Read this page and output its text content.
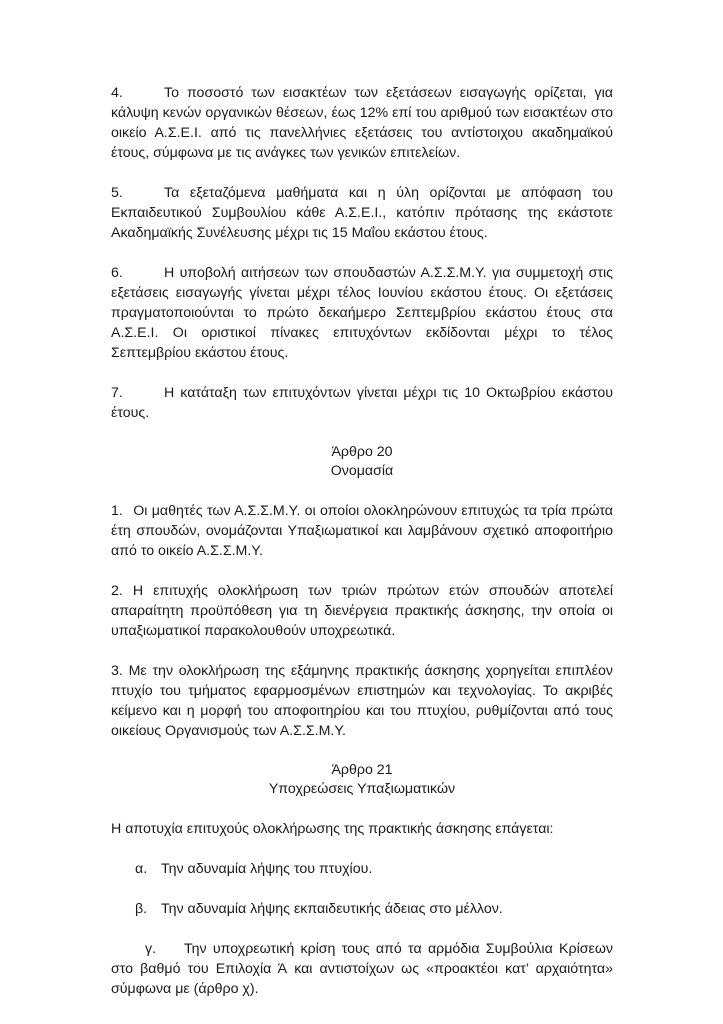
4.	Το ποσοστό των εισακτέων των εξετάσεων εισαγωγής ορίζεται, για κάλυψη κενών οργανικών θέσεων, έως 12% επί του αριθμού των εισακτέων στο οικείο Α.Σ.Ε.Ι. από τις πανελλήνιες εξετάσεις του αντίστοιχου ακαδημαϊκού έτους, σύμφωνα με τις ανάγκες των γενικών επιτελείων.

5.	Τα εξεταζόμενα μαθήματα και η ύλη ορίζονται με απόφαση του Εκπαιδευτικού Συμβουλίου κάθε Α.Σ.Ε.Ι., κατόπιν πρότασης της εκάστοτε Ακαδημαϊκής Συνέλευσης μέχρι τις 15 Μαΐου εκάστου έτους.

6.	Η υποβολή αιτήσεων των σπουδαστών Α.Σ.Σ.Μ.Υ. για συμμετοχή στις εξετάσεις εισαγωγής γίνεται μέχρι τέλος Ιουνίου εκάστου έτους. Οι εξετάσεις πραγματοποιούνται το πρώτο δεκαήμερο Σεπτεμβρίου εκάστου έτους στα Α.Σ.Ε.Ι. Οι οριστικοί πίνακες επιτυχόντων εκδίδονται μέχρι το τέλος Σεπτεμβρίου εκάστου έτους.

7.	Η κατάταξη των επιτυχόντων γίνεται μέχρι τις 10 Οκτωβρίου εκάστου έτους.

Άρθρο 20
Ονομασία

1. Οι μαθητές των Α.Σ.Σ.Μ.Υ. οι οποίοι ολοκληρώνουν επιτυχώς τα τρία πρώτα έτη σπουδών, ονομάζονται Υπαξιωματικοί και λαμβάνουν σχετικό αποφοιτήριο από το οικείο Α.Σ.Σ.Μ.Υ.

2. Η επιτυχής ολοκλήρωση των τριών πρώτων ετών σπουδών αποτελεί απαραίτητη προϋπόθεση για τη διενέργεια πρακτικής άσκησης, την οποία οι υπαξιωματικοί παρακολουθούν υποχρεωτικά.

3. Με την ολοκλήρωση της εξάμηνης πρακτικής άσκησης χορηγείται επιπλέον πτυχίο του τμήματος εφαρμοσμένων επιστημών και τεχνολογίας. Το ακριβές κείμενο και η μορφή του αποφοιτηρίου και του πτυχίου, ρυθμίζονται από τους οικείους Οργανισμούς των Α.Σ.Σ.Μ.Υ.

Άρθρο 21
Υποχρεώσεις Υπαξιωματικών

Η αποτυχία επιτυχούς ολοκλήρωσης της πρακτικής άσκησης επάγεται:

α. Την αδυναμία λήψης του πτυχίου.

β. Την αδυναμία λήψης εκπαιδευτικής άδειας στο μέλλον.

γ. Την υποχρεωτική κρίση τους από τα αρμόδια Συμβούλια Κρίσεων στο βαθμό του Επιλοχία Ά και αντιστοίχων ως «προακτέοι κατ’ αρχαιότητα» σύμφωνα με (άρθρο χ).
